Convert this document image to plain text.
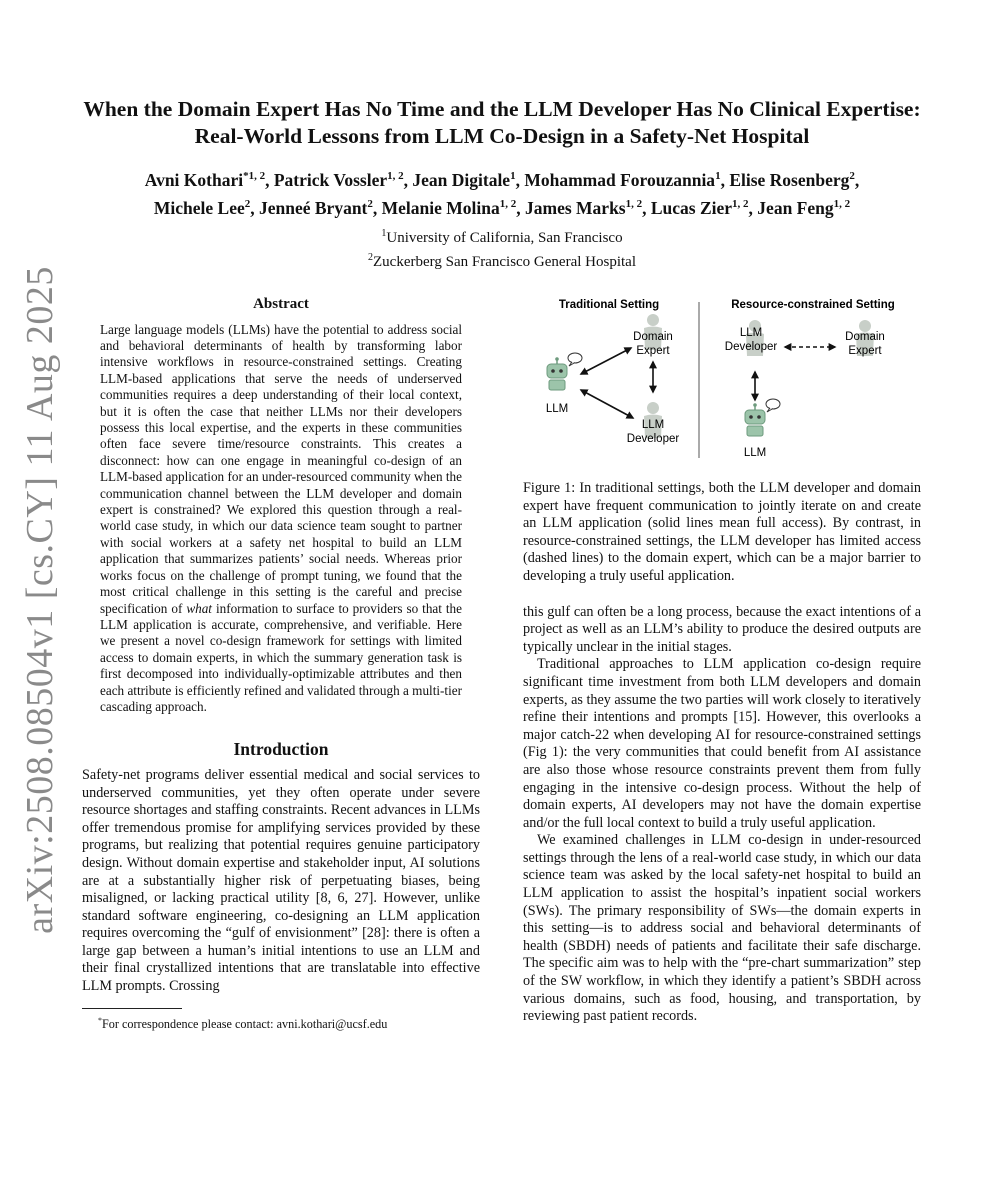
arXiv:2508.08504v1 [cs.CY] 11 Aug 2025
When the Domain Expert Has No Time and the LLM Developer Has No Clinical Expertise: Real-World Lessons from LLM Co-Design in a Safety-Net Hospital
Avni Kothari$^{*1, 2}$, Patrick Vossler$^{1, 2}$, Jean Digitale$^1$, Mohammad Forouzannia$^1$, Elise Rosenberg$^2$,
Michele Lee$^2$, Jenneé Bryant$^2$, Melanie Molina$^{1, 2}$, James Marks$^{1, 2}$, Lucas Zier$^{1, 2}$, Jean Feng$^{1, 2}$
$^1$University of California, San Francisco
$^2$Zuckerberg San Francisco General Hospital
Abstract

Large language models (LLMs) have the potential to address social and behavioral determinants of health by transforming labor intensive workflows in resource-constrained settings. Creating LLM-based applications that serve the needs of underserved communities requires a deep understanding of their local context, but it is often the case that neither LLMs nor their developers possess this local expertise, and the experts in these communities often face severe time/resource constraints. This creates a disconnect: how can one engage in meaningful co-design of an LLM-based application for an under-resourced community when the communication channel between the LLM developer and domain expert is constrained? We explored this question through a real-world case study, in which our data science team sought to partner with social workers at a safety net hospital to build an LLM application that summarizes patients’ social needs. Whereas prior works focus on the challenge of prompt tuning, we found that the most critical challenge in this setting is the careful and precise specification of what information to surface to providers so that the LLM application is accurate, comprehensive, and verifiable. Here we present a novel co-design framework for settings with limited access to domain experts, in which the summary generation task is first decomposed into individually-optimizable attributes and then each attribute is efficiently refined and validated through a multi-tier cascading approach.

Introduction

Safety-net programs deliver essential medical and social services to underserved communities, yet they often operate under severe resource shortages and staffing constraints. Recent advances in LLMs offer tremendous promise for amplifying services provided by these programs, but realizing that potential requires genuine participatory design. Without domain expertise and stakeholder input, AI solutions are at a substantially higher risk of perpetuating biases, being misaligned, or lacking practical utility [8, 6, 27]. However, unlike standard software engineering, co-designing an LLM application requires overcoming the “gulf of envisionment” [28]: there is often a large gap between a human’s initial intentions to use an LLM and their final crystallized intentions that are translatable into effective LLM prompts. Crossing

*For correspondence please contact: avni.kothari@ucsf.edu
Traditional Setting	Resource-constrained Setting
Domain
Expert
LLM
LLM
Developer
LLM
Developer
Domain
Expert
LLM

Figure 1: In traditional settings, both the LLM developer and domain expert have frequent communication to jointly iterate on and create an LLM application (solid lines mean full access). By contrast, in resource-constrained settings, the LLM developer has limited access (dashed lines) to the domain expert, which can be a major barrier to developing a truly useful application.

this gulf can often be a long process, because the exact intentions of a project as well as an LLM’s ability to produce the desired outputs are typically unclear in the initial stages.

Traditional approaches to LLM application co-design require significant time investment from both LLM developers and domain experts, as they assume the two parties will work closely to iteratively refine their intentions and prompts [15]. However, this overlooks a major catch-22 when developing AI for resource-constrained settings (Fig 1): the very communities that could benefit from AI assistance are also those whose resource constraints prevent them from fully engaging in the intensive co-design process. Without the help of domain experts, AI developers may not have the domain expertise and/or the full local context to build a truly useful application.

We examined challenges in LLM co-design in under-resourced settings through the lens of a real-world case study, in which our data science team was asked by the local safety-net hospital to build an LLM application to assist the hospital’s inpatient social workers (SWs). The primary responsibility of SWs—the domain experts in this setting—is to address social and behavioral determinants of health (SBDH) needs of patients and facilitate their safe discharge. The specific aim was to help with the “pre-chart summarization” step of the SW workflow, in which they identify a patient’s SBDH across various domains, such as food, housing, and transportation, by reviewing past patient records.
